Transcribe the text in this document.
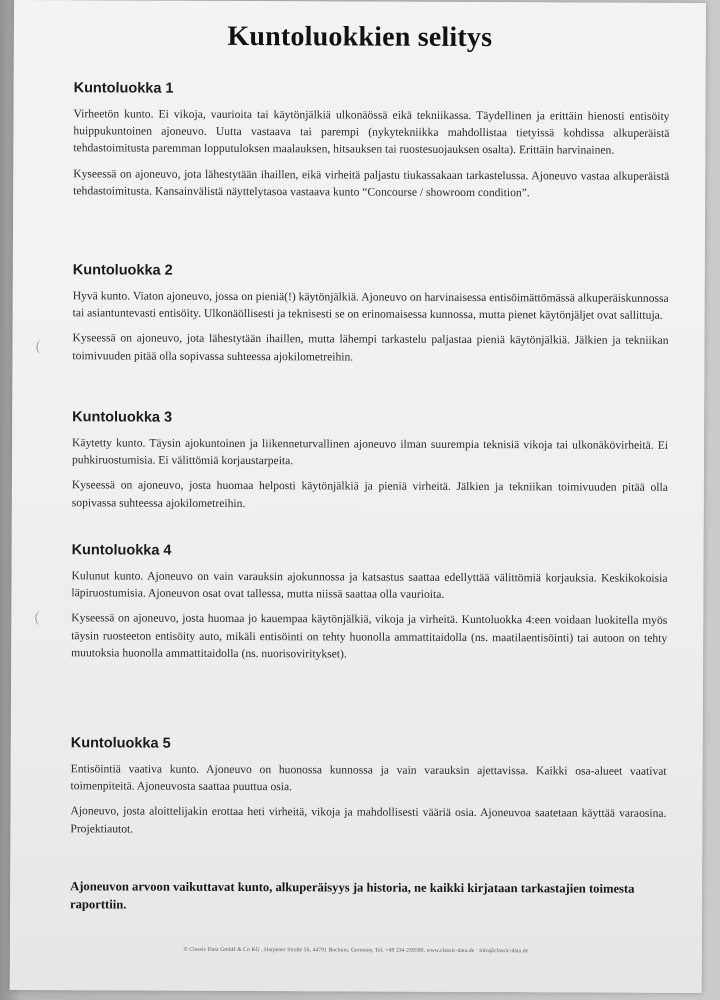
Kuntoluokkien selitys
Kuntoluokka 1
Virheetön kunto. Ei vikoja, vaurioita tai käytönjälkiä ulkonäössä eikä tekniikassa. Täydellinen ja erittäin hienosti entisöity huippukuntoinen ajoneuvo. Uutta vastaava tai parempi (nykytekniikka mahdollistaa tietyissä kohdissa alkuperäistä tehdastoimitusta paremman lopputuloksen maalauksen, hitsauksen tai ruostesuojauksen osalta). Erittäin harvinainen.
Kyseessä on ajoneuvo, jota lähestytään ihaillen, eikä virheitä paljastu tiukassakaan tarkastelussa. Ajoneuvo vastaa alkuperäistä tehdastoimitusta. Kansainvälistä näyttelytasoa vastaava kunto “Concourse / showroom condition”.
Kuntoluokka 2
Hyvä kunto. Viaton ajoneuvo, jossa on pieniä(!) käytönjälkiä. Ajoneuvo on harvinaisessa entisöimättömässä alkuperäiskunnossa tai asiantuntevasti entisöity. Ulkonäöllisesti ja teknisesti se on erinomaisessa kunnossa, mutta pienet käytönjäljet ovat sallittuja.
Kyseessä on ajoneuvo, jota lähestytään ihaillen, mutta lähempi tarkastelu paljastaa pieniä käytönjälkiä. Jälkien ja tekniikan toimivuuden pitää olla sopivassa suhteessa ajokilometreihin.
Kuntoluokka 3
Käytetty kunto. Täysin ajokuntoinen ja liikenneturvallinen ajoneuvo ilman suurempia teknisiä vikoja tai ulkonäkövirheitä. Ei puhkiruostumisia. Ei välittömiä korjaustarpeita.
Kyseessä on ajoneuvo, josta huomaa helposti käytönjälkiä ja pieniä virheitä. Jälkien ja tekniikan toimivuuden pitää olla sopivassa suhteessa ajokilometreihin.
Kuntoluokka 4
Kulunut kunto. Ajoneuvo on vain varauksin ajokunnossa ja katsastus saattaa edellyttää välittömiä korjauksia. Keskikokoisia läpiruostumisia. Ajoneuvon osat ovat tallessa, mutta niissä saattaa olla vaurioita.
Kyseessä on ajoneuvo, josta huomaa jo kauempaa käytönjälkiä, vikoja ja virheitä. Kuntoluokka 4:een voidaan luokitella myös täysin ruosteeton entisöity auto, mikäli entisöinti on tehty huonolla ammattitaidolla (ns. maatilaentisöinti) tai autoon on tehty muutoksia huonolla ammattitaidolla (ns. nuorisoviritykset).
Kuntoluokka 5
Entisöintiä vaativa kunto. Ajoneuvo on huonossa kunnossa ja vain varauksin ajettavissa. Kaikki osa-alueet vaativat toimenpiteitä. Ajoneuvosta saattaa puuttua osia.
Ajoneuvo, josta aloittelijakin erottaa heti virheitä, vikoja ja mahdollisesti vääriä osia. Ajoneuvoa saatetaan käyttää varaosina. Projektiautot.
Ajoneuvon arvoon vaikuttavat kunto, alkuperäisyys ja historia, ne kaikki kirjataan tarkastajien toimesta raporttiin.
© Classic Data GmbH & Co KG , Harpener Straße 56, 44791 Bochum, Germany, Tel. +49 234 239590, www.classic-data.de · info@classic-data.de
